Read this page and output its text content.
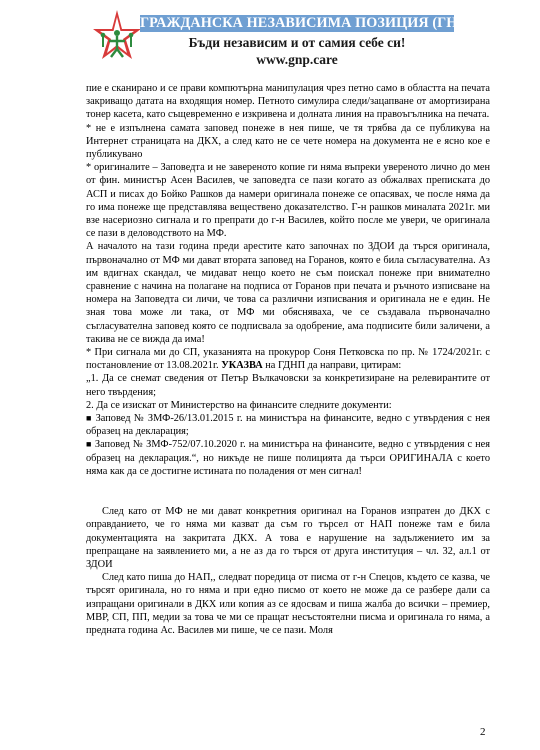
ГРАЖДАНСКА НЕЗАВИСИМА ПОЗИЦИЯ (ГНП)
Бъди независим и от самия себе си!
www.gnp.care

пие е сканирано и се прави компютърна манипулация чрез петно само в областта на печата закриващо датата на входящия номер. Петното симулира следи/зацапване от амортизирана тонер касета, като същевременно е изкривена и долната линия на правоъгълника на печата.

* не е изпълнена самата заповед понеже в нея пише, че тя трябва да се публикува на Интернет страницата на ДКХ, а след като не се чете номера на документа не е ясно кое е публикувано

* оригиналите – Заповедта и не завереното копие ги няма въпреки увереното лично до мен от фин. министър Асен Василев, че заповедта се пази когато аз обжалвах преписката до АСП и писах до Бойко Рашков да намери оригинала понеже се опасявах, че после няма да го има понеже ще представлява веществено доказателство. Г-н рашков миналата 2021г. ми взе насериозно сигнала и го препрати до г-н Василев, който после ме увери, че оригинала се пази в деловодството на МФ.

А началото на тази година преди арестите като започнах по ЗДОИ да търся оригинала, първоначално от МФ ми дават втората заповед на Горанов, която е била съгласувателна. Аз им вдигнах скандал, че мидават нещо което не съм поискал понеже при внимателно сравнение с начина на полагане на подписа от Горанов при печата и ръчното изписване на номера на Заповедта си личи, че това са различни изписвания и оригинала не е един. Не зная това може ли така, от МФ ми обясняваха, че се създавала първоначално съгласувателна заповед която се подписвала за одобрение, ама подписите били заличени, а такива не се вижда да има!

* При сигнала ми до СП, указанията на прокурор Соня Петковска по пр. № 1724/2021г. с постановление от 13.08.2021г. УКАЗВА на ГДНП да направи, цитирам:

„1. Да се снемат сведения от Петър Вълкачовски за конкретизиране на релевирантите от него твърдения;

2. Да се изискат от Министерство на финансите следните документи:

■ Заповед № ЗМФ-26/13.01.2015 г. на министъра на финансите, ведно с утвърдения с нея образец на декларация;

■ Заповед № ЗМФ-752/07.10.2020 г. на министъра на финансите, ведно с утвърдения с нея образец на декларация.“, но никъде не пише полицията да търси ОРИГИНАЛА с което няма как да се достигне истината по поладения от мен сигнал!

След като от МФ не ми дават конкретния оригинал на Горанов изпратен до ДКХ с оправданието, че го няма ми казват да съм го търсел от НАП понеже там е била документацията на закритата ДКХ. А това е нарушение на задължението им за препращане на заявлението ми, а не аз да го търся от друга институция – чл. 32, ал.1 от ЗДОИ

След като пиша до НАП,, следват поредица от писма от г-н Спецов, където се казва, че търсят оригинала, но го няма и при едно писмо от което не може да се разбере дали са изпращани оригинали в ДКХ или копия аз се ядосвам и пиша жалба до всички – премиер, МВР, СП, ПП, медии за това че ми се пращат несъстоятелни писма и оригинала го няма, а предната година Ас. Василев ми пише, че се пази. Моля

2
